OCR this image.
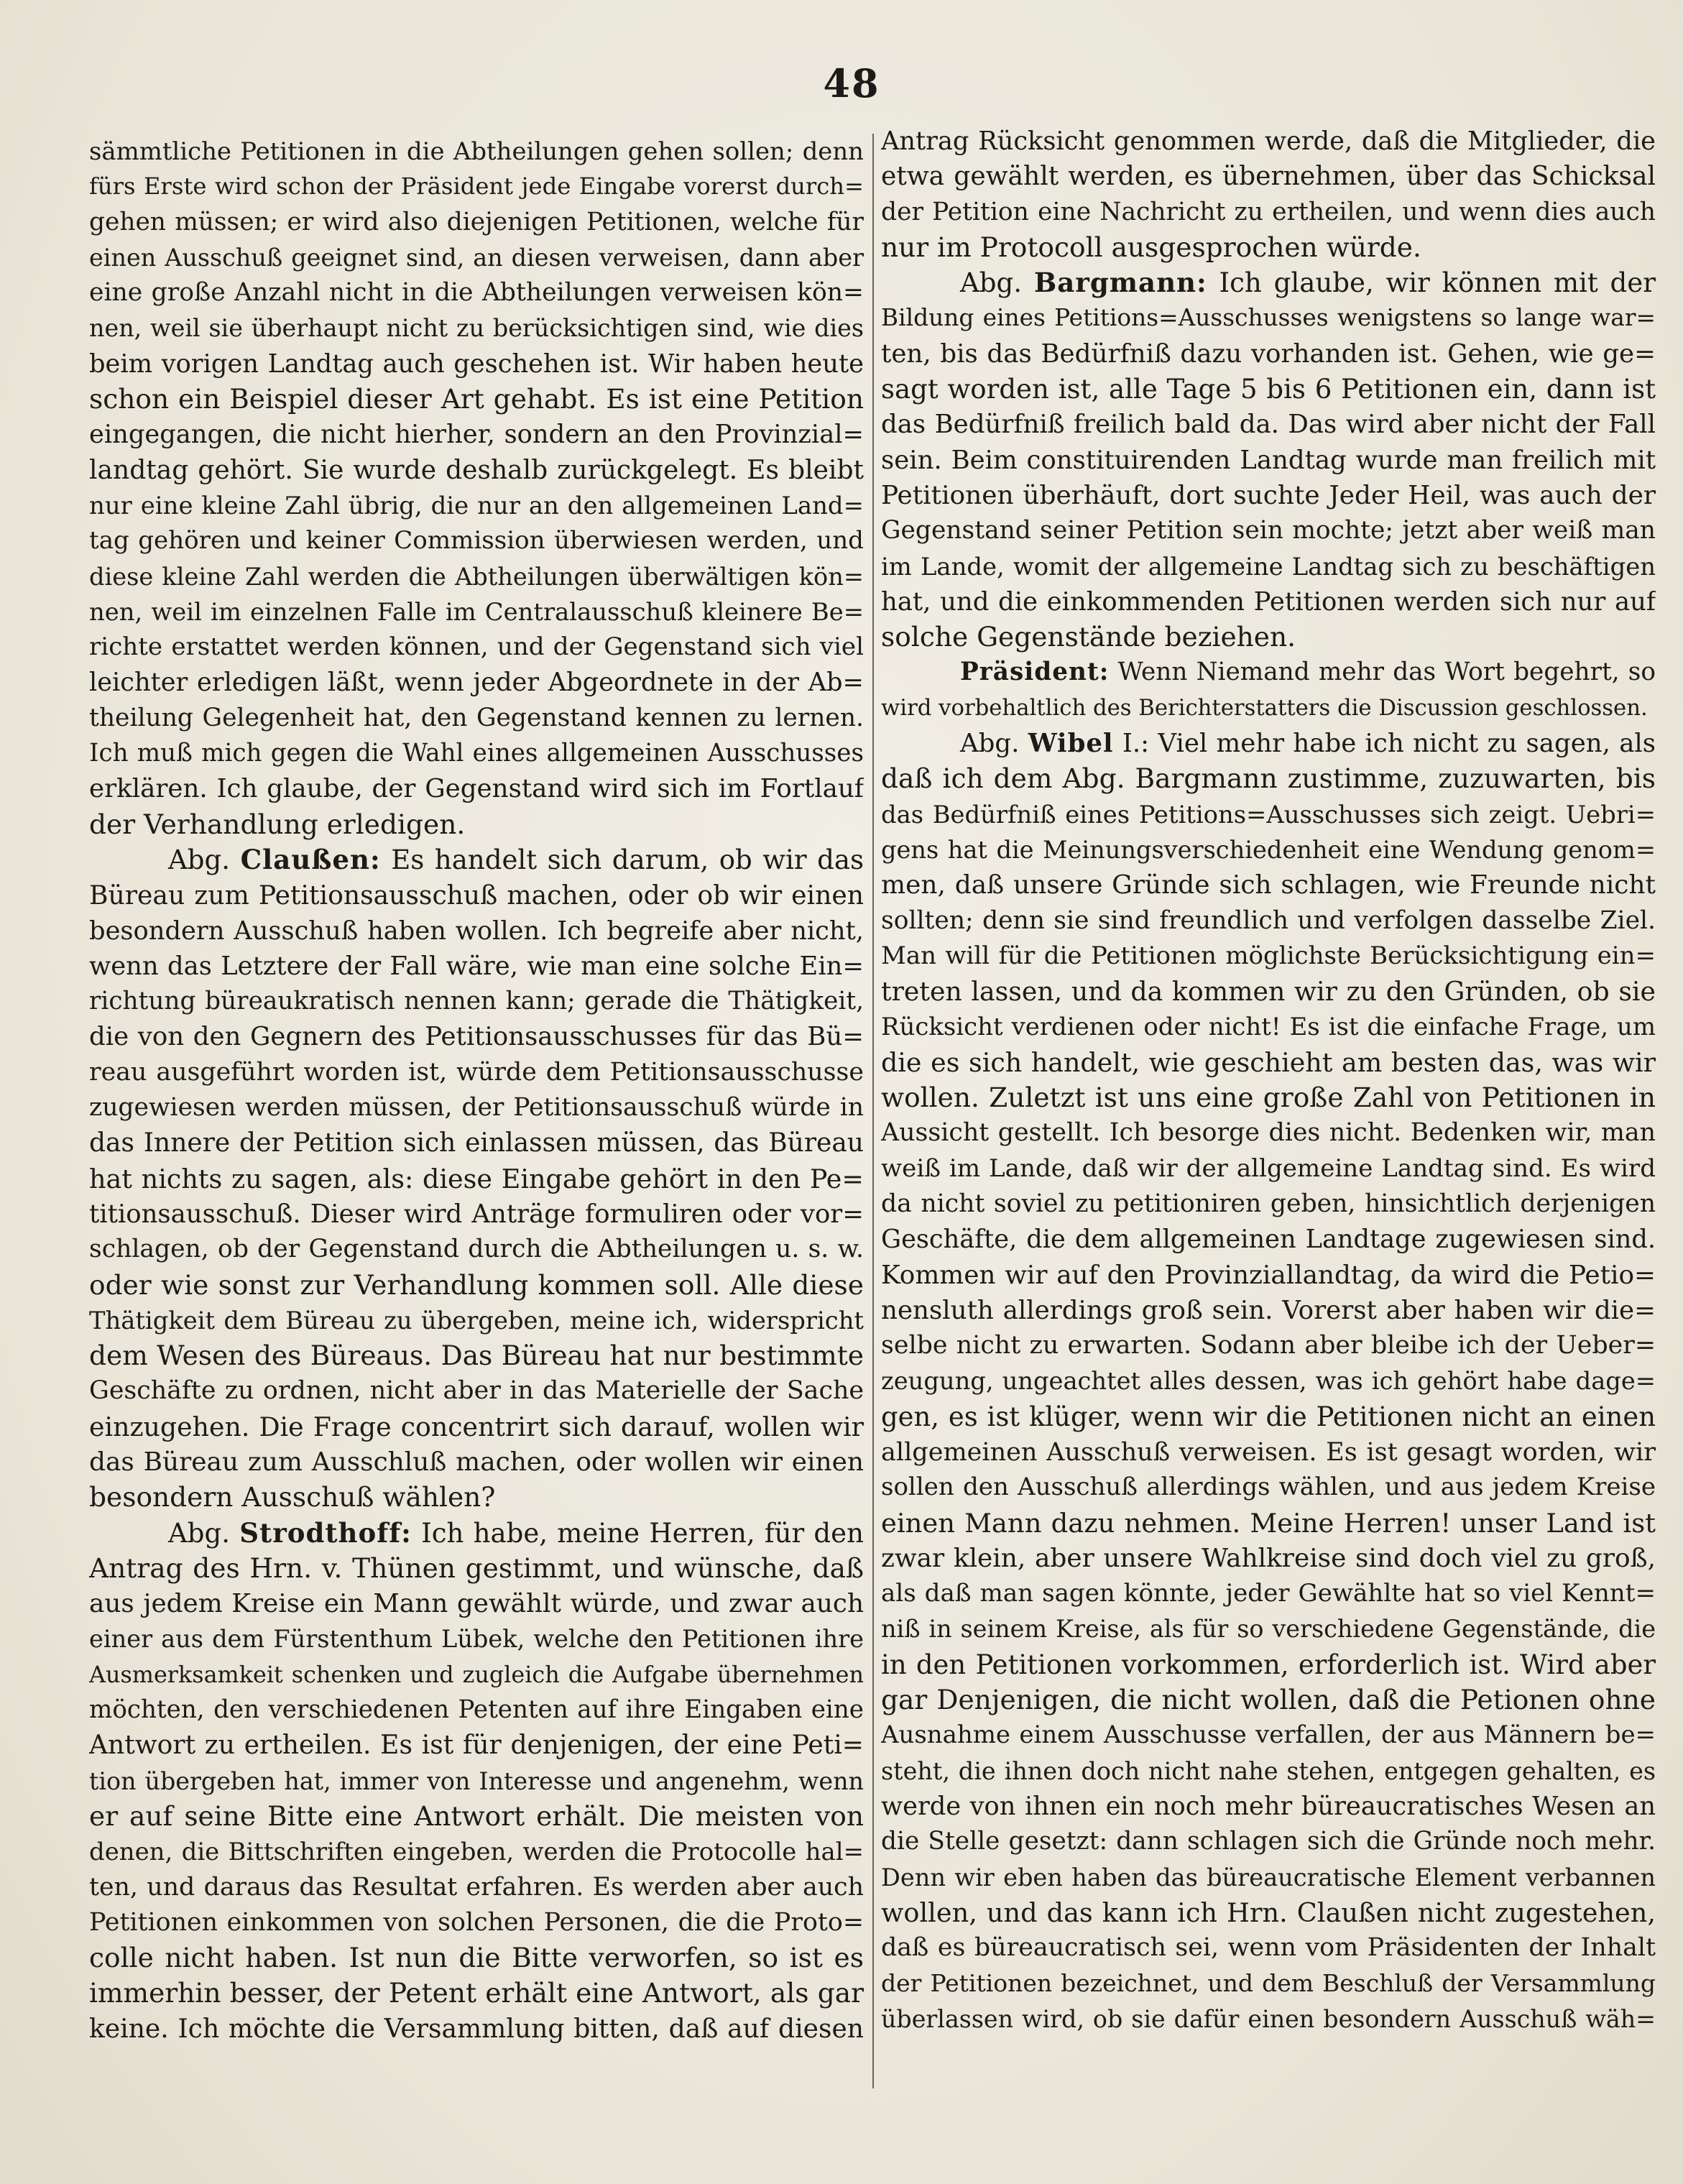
48
sämmtliche Petitionen in die Abtheilungen gehen sollen; denn
fürs Erste wird schon der Präsident jede Eingabe vorerst durch=
gehen müssen; er wird also diejenigen Petitionen, welche für
einen Ausschuß geeignet sind, an diesen verweisen, dann aber
eine große Anzahl nicht in die Abtheilungen verweisen kön=
nen, weil sie überhaupt nicht zu berücksichtigen sind, wie dies
beim vorigen Landtag auch geschehen ist. Wir haben heute
schon ein Beispiel dieser Art gehabt. Es ist eine Petition
eingegangen, die nicht hierher, sondern an den Provinzial=
landtag gehört. Sie wurde deshalb zurückgelegt. Es bleibt
nur eine kleine Zahl übrig, die nur an den allgemeinen Land=
tag gehören und keiner Commission überwiesen werden, und
diese kleine Zahl werden die Abtheilungen überwältigen kön=
nen, weil im einzelnen Falle im Centralausschuß kleinere Be=
richte erstattet werden können, und der Gegenstand sich viel
leichter erledigen läßt, wenn jeder Abgeordnete in der Ab=
theilung Gelegenheit hat, den Gegenstand kennen zu lernen.
Ich muß mich gegen die Wahl eines allgemeinen Ausschusses
erklären. Ich glaube, der Gegenstand wird sich im Fortlauf
der Verhandlung erledigen.
Abg. Claußen: Es handelt sich darum, ob wir das
Büreau zum Petitionsausschuß machen, oder ob wir einen
besondern Ausschuß haben wollen. Ich begreife aber nicht,
wenn das Letztere der Fall wäre, wie man eine solche Ein=
richtung büreaukratisch nennen kann; gerade die Thätigkeit,
die von den Gegnern des Petitionsausschusses für das Bü=
reau ausgeführt worden ist, würde dem Petitionsausschusse
zugewiesen werden müssen, der Petitionsausschuß würde in
das Innere der Petition sich einlassen müssen, das Büreau
hat nichts zu sagen, als: diese Eingabe gehört in den Pe=
titionsausschuß. Dieser wird Anträge formuliren oder vor=
schlagen, ob der Gegenstand durch die Abtheilungen u. s. w.
oder wie sonst zur Verhandlung kommen soll. Alle diese
Thätigkeit dem Büreau zu übergeben, meine ich, widerspricht
dem Wesen des Büreaus. Das Büreau hat nur bestimmte
Geschäfte zu ordnen, nicht aber in das Materielle der Sache
einzugehen. Die Frage concentrirt sich darauf, wollen wir
das Büreau zum Ausschluß machen, oder wollen wir einen
besondern Ausschuß wählen?
Abg. Strodthoff: Ich habe, meine Herren, für den
Antrag des Hrn. v. Thünen gestimmt, und wünsche, daß
aus jedem Kreise ein Mann gewählt würde, und zwar auch
einer aus dem Fürstenthum Lübek, welche den Petitionen ihre
Ausmerksamkeit schenken und zugleich die Aufgabe übernehmen
möchten, den verschiedenen Petenten auf ihre Eingaben eine
Antwort zu ertheilen. Es ist für denjenigen, der eine Peti=
tion übergeben hat, immer von Interesse und angenehm, wenn
er auf seine Bitte eine Antwort erhält. Die meisten von
denen, die Bittschriften eingeben, werden die Protocolle hal=
ten, und daraus das Resultat erfahren. Es werden aber auch
Petitionen einkommen von solchen Personen, die die Proto=
colle nicht haben. Ist nun die Bitte verworfen, so ist es
immerhin besser, der Petent erhält eine Antwort, als gar
keine. Ich möchte die Versammlung bitten, daß auf diesen
Antrag Rücksicht genommen werde, daß die Mitglieder, die
etwa gewählt werden, es übernehmen, über das Schicksal
der Petition eine Nachricht zu ertheilen, und wenn dies auch
nur im Protocoll ausgesprochen würde.
Abg. Bargmann: Ich glaube, wir können mit der
Bildung eines Petitions=Ausschusses wenigstens so lange war=
ten, bis das Bedürfniß dazu vorhanden ist. Gehen, wie ge=
sagt worden ist, alle Tage 5 bis 6 Petitionen ein, dann ist
das Bedürfniß freilich bald da. Das wird aber nicht der Fall
sein. Beim constituirenden Landtag wurde man freilich mit
Petitionen überhäuft, dort suchte Jeder Heil, was auch der
Gegenstand seiner Petition sein mochte; jetzt aber weiß man
im Lande, womit der allgemeine Landtag sich zu beschäftigen
hat, und die einkommenden Petitionen werden sich nur auf
solche Gegenstände beziehen.
Präsident: Wenn Niemand mehr das Wort begehrt, so
wird vorbehaltlich des Berichterstatters die Discussion geschlossen.
Abg. Wibel I.: Viel mehr habe ich nicht zu sagen, als
daß ich dem Abg. Bargmann zustimme, zuzuwarten, bis
das Bedürfniß eines Petitions=Ausschusses sich zeigt. Uebri=
gens hat die Meinungsverschiedenheit eine Wendung genom=
men, daß unsere Gründe sich schlagen, wie Freunde nicht
sollten; denn sie sind freundlich und verfolgen dasselbe Ziel.
Man will für die Petitionen möglichste Berücksichtigung ein=
treten lassen, und da kommen wir zu den Gründen, ob sie
Rücksicht verdienen oder nicht! Es ist die einfache Frage, um
die es sich handelt, wie geschieht am besten das, was wir
wollen. Zuletzt ist uns eine große Zahl von Petitionen in
Aussicht gestellt. Ich besorge dies nicht. Bedenken wir, man
weiß im Lande, daß wir der allgemeine Landtag sind. Es wird
da nicht soviel zu petitioniren geben, hinsichtlich derjenigen
Geschäfte, die dem allgemeinen Landtage zugewiesen sind.
Kommen wir auf den Provinziallandtag, da wird die Petio=
nensluth allerdings groß sein. Vorerst aber haben wir die=
selbe nicht zu erwarten. Sodann aber bleibe ich der Ueber=
zeugung, ungeachtet alles dessen, was ich gehört habe dage=
gen, es ist klüger, wenn wir die Petitionen nicht an einen
allgemeinen Ausschuß verweisen. Es ist gesagt worden, wir
sollen den Ausschuß allerdings wählen, und aus jedem Kreise
einen Mann dazu nehmen. Meine Herren! unser Land ist
zwar klein, aber unsere Wahlkreise sind doch viel zu groß,
als daß man sagen könnte, jeder Gewählte hat so viel Kennt=
niß in seinem Kreise, als für so verschiedene Gegenstände, die
in den Petitionen vorkommen, erforderlich ist. Wird aber
gar Denjenigen, die nicht wollen, daß die Petionen ohne
Ausnahme einem Ausschusse verfallen, der aus Männern be=
steht, die ihnen doch nicht nahe stehen, entgegen gehalten, es
werde von ihnen ein noch mehr büreaucratisches Wesen an
die Stelle gesetzt: dann schlagen sich die Gründe noch mehr.
Denn wir eben haben das büreaucratische Element verbannen
wollen, und das kann ich Hrn. Claußen nicht zugestehen,
daß es büreaucratisch sei, wenn vom Präsidenten der Inhalt
der Petitionen bezeichnet, und dem Beschluß der Versammlung
überlassen wird, ob sie dafür einen besondern Ausschuß wäh=
